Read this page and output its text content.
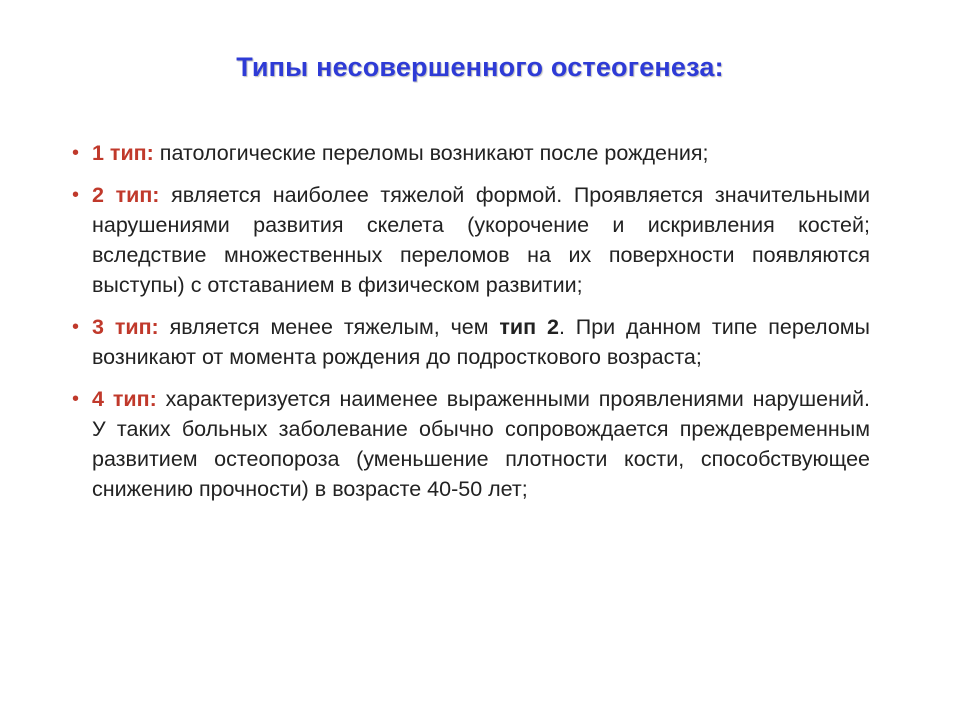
Типы несовершенного остеогенеза:
• 1 тип: патологические переломы возникают после рождения;
• 2 тип: является наиболее тяжелой формой. Проявляется значительными нарушениями развития скелета (укорочение и искривления костей; вследствие множественных переломов на их поверхности появляются выступы) с отставанием в физическом развитии;
• 3 тип: является менее тяжелым, чем тип 2. При данном типе переломы возникают от момента рождения до подросткового возраста;
• 4 тип: характеризуется наименее выраженными проявлениями нарушений. У таких больных заболевание обычно сопровождается преждевременным развитием остеопороза (уменьшение плотности кости, способствующее снижению прочности) в возрасте 40-50 лет;
